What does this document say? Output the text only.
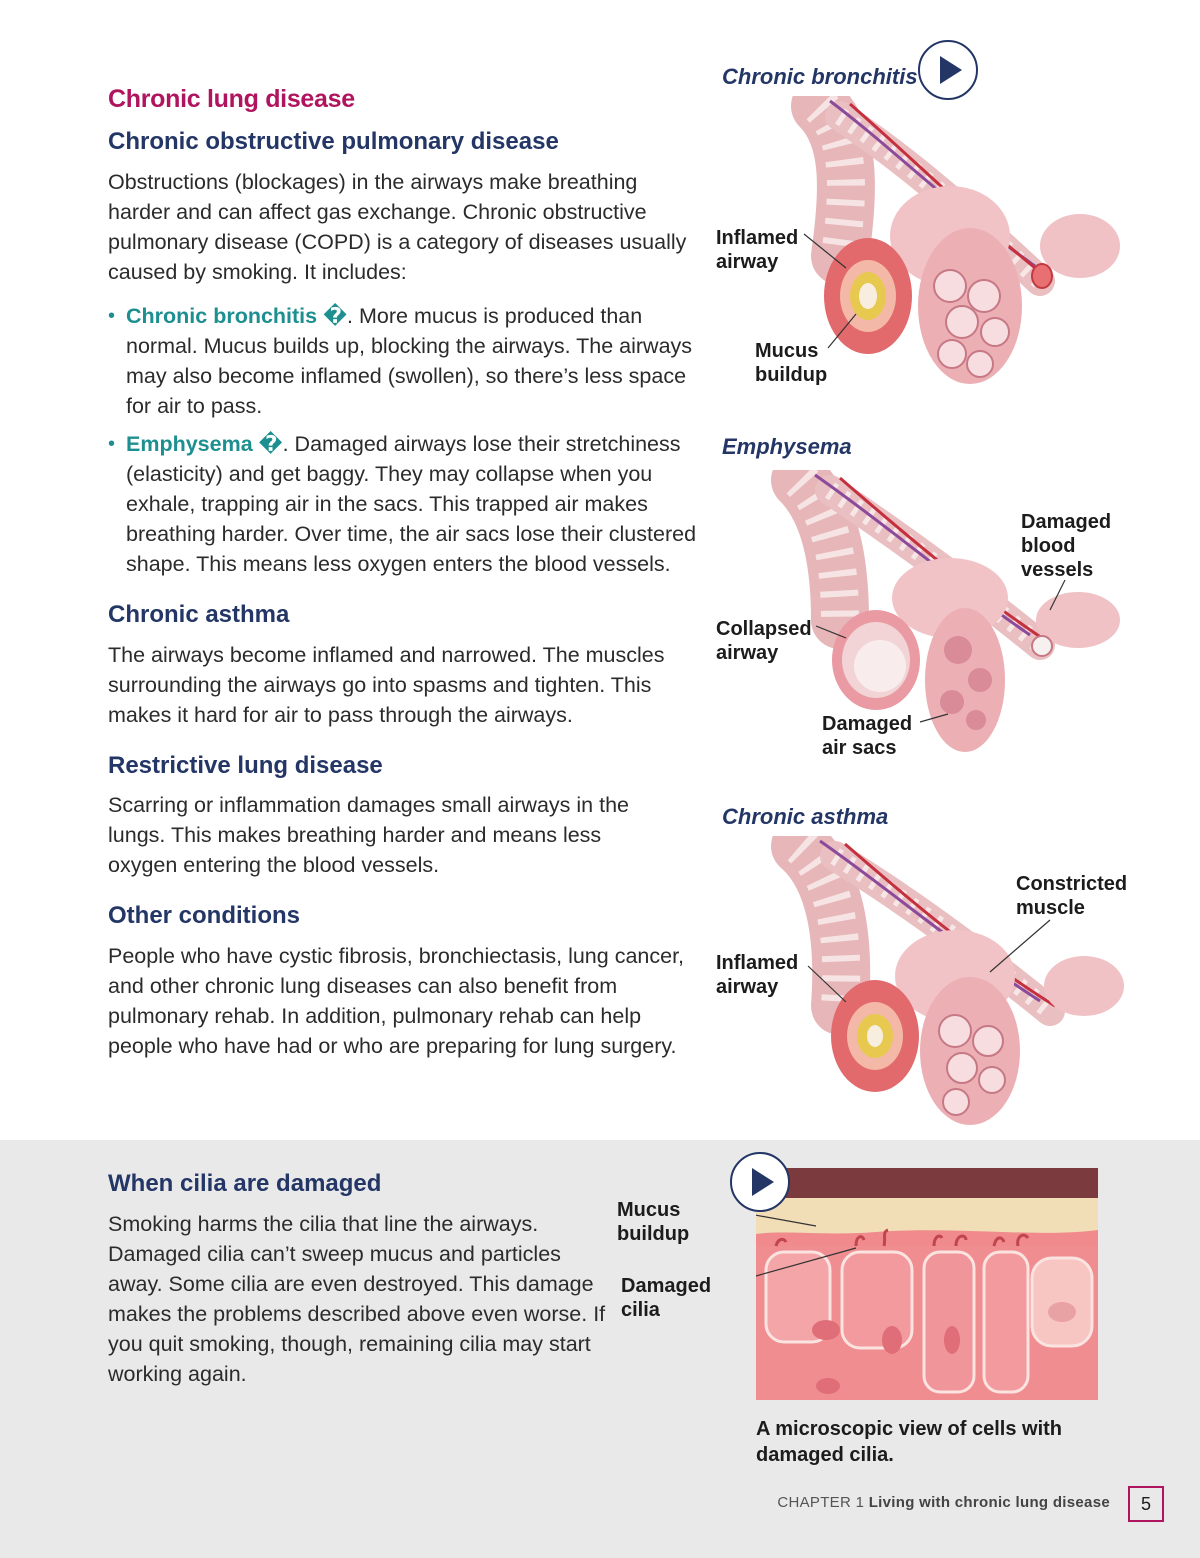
Chronic lung disease
Chronic obstructive pulmonary disease

Obstructions (blockages) in the airways make breathing harder and can affect gas exchange. Chronic obstructive pulmonary disease (COPD) is a category of diseases usually caused by smoking. It includes:

• Chronic bronchitis �. More mucus is produced than normal. Mucus builds up, blocking the airways. The airways may also become inflamed (swollen), so there’s less space for air to pass.
• Emphysema �. Damaged airways lose their stretchiness (elasticity) and get baggy. They may collapse when you exhale, trapping air in the sacs. This trapped air makes breathing harder. Over time, the air sacs lose their clustered shape. This means less oxygen enters the blood vessels.
Chronic asthma

The airways become inflamed and narrowed. The muscles surrounding the airways go into spasms and tighten. This makes it hard for air to pass through the airways.

Restrictive lung disease

Scarring or inflammation damages small airways in the lungs. This makes breathing harder and means less oxygen entering the blood vessels.

Other conditions

People who have cystic fibrosis, bronchiectasis, lung cancer, and other chronic lung diseases can also benefit from pulmonary rehab. In addition, pulmonary rehab can help people who have had or who are preparing for lung surgery.

Chronic bronchitis
Inflamed
airway
Mucus
buildup
Emphysema
Damaged
blood
vessels
Collapsed
airway
Damaged
air sacs
Chronic asthma
Constricted
muscle
Inflamed
airway
When cilia are damaged

Smoking harms the cilia that line the airways. Damaged cilia can’t sweep mucus and particles away. Some cilia are even destroyed. This damage makes the problems described above even worse. If you quit smoking, though, remaining cilia may start working again.

Mucus
buildup
Damaged
cilia
A microscopic view of cells with damaged cilia.
CHAPTER 1 Living with chronic lung disease	5
